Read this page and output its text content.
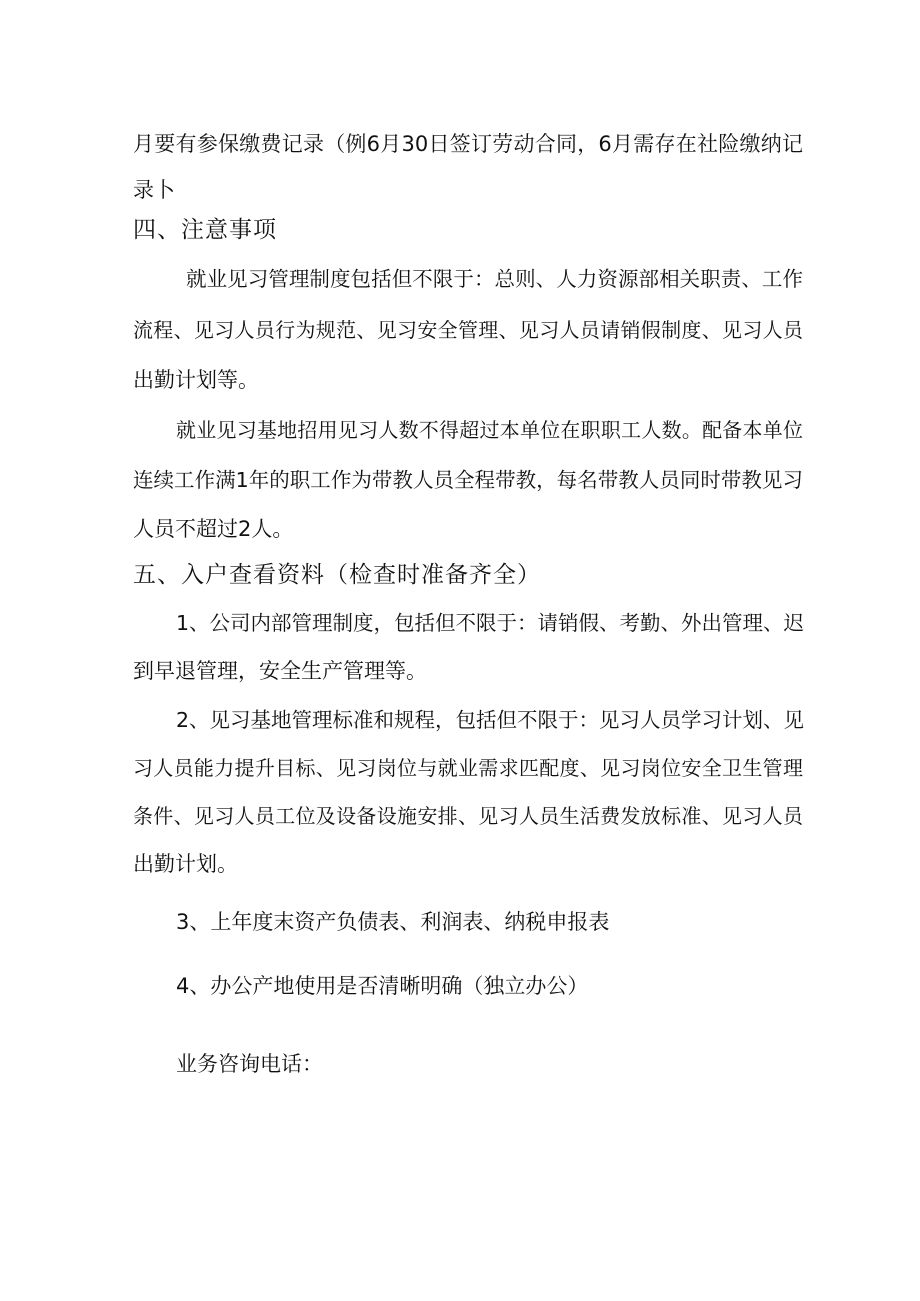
月要有参保缴费记录（例6月30日签订劳动合同，6月需存在社险缴纳记
录卜
四、注意事项
就业见习管理制度包括但不限于：总则、人力资源部相关职责、工作
流程、见习人员行为规范、见习安全管理、见习人员请销假制度、见习人员
出勤计划等。
就业见习基地招用见习人数不得超过本单位在职职工人数。配备本单位
连续工作满1年的职工作为带教人员全程带教，每名带教人员同时带教见习
人员不超过2人。
五、入户查看资料（检查时准备齐全）
1、公司内部管理制度，包括但不限于：请销假、考勤、外出管理、迟
到早退管理，安全生产管理等。
2、见习基地管理标准和规程，包括但不限于：见习人员学习计划、见
习人员能力提升目标、见习岗位与就业需求匹配度、见习岗位安全卫生管理
条件、见习人员工位及设备设施安排、见习人员生活费发放标准、见习人员
出勤计划。
3、上年度末资产负债表、利润表、纳税申报表
4、办公产地使用是否清晰明确（独立办公）
业务咨询电话：
